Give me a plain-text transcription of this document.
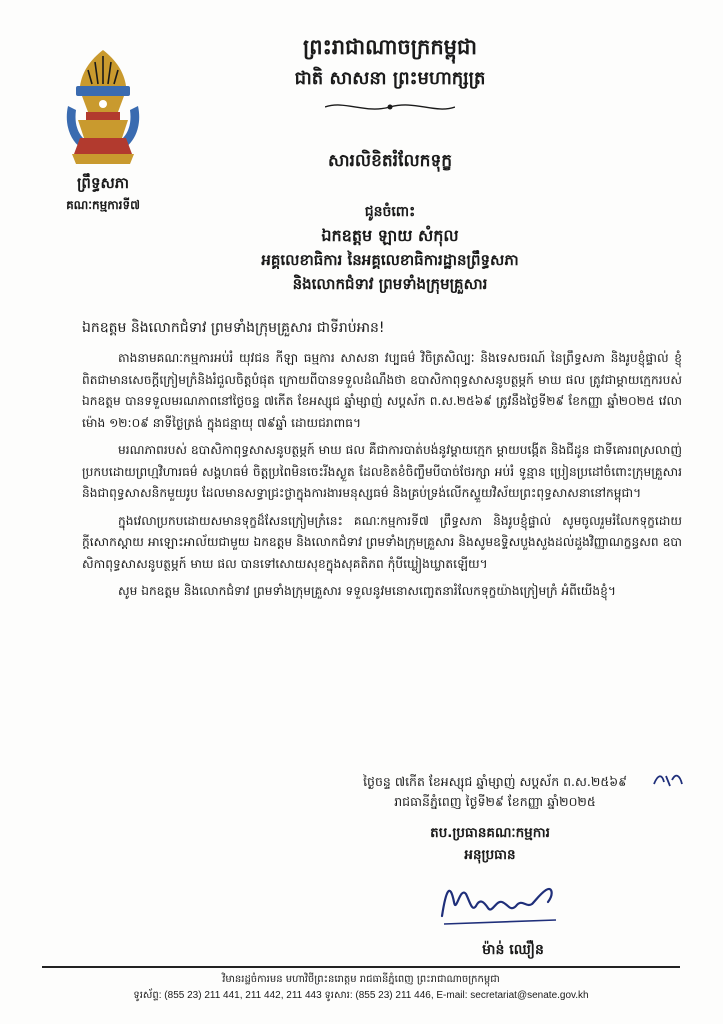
ព្រឹទ្ធសភា
គណៈកម្មការទី៧
ព្រះរាជាណាចក្រកម្ពុជា
ជាតិ សាសនា ព្រះមហាក្សត្រ
សារលិខិតរំលែកទុក្ខ
ជូនចំពោះ
ឯកឧត្តម ឡាយ សំកុល
អគ្គលេខាធិការ នៃអគ្គលេខាធិការដ្ឋានព្រឹទ្ធសភា
និងលោកជំទាវ ព្រមទាំងក្រុមគ្រួសារ
ឯកឧត្តម និងលោកជំទាវ ព្រមទាំងក្រុមគ្រួសារ ជាទីរាប់អាន!

តាងនាមគណៈកម្មការអប់រំ យុវជន កីឡា ធម្មការ សាសនា វប្បធម៌ វិចិត្រសិល្បៈ និងទេសចរណ៍ នៃព្រឹទ្ធសភា និងរូបខ្ញុំផ្ទាល់ ខ្ញុំពិតជាមានសេចក្ដីក្រៀមក្រំនិងរំជួលចិត្តបំផុត ក្រោយពីបានទទួលដំណឹងថា ឧបាសិកាពុទ្ធសាសនូបត្ថម្ភក៍ មាឃ ផល ត្រូវជាម្ដាយក្មេករបស់ ឯកឧត្តម បានទទួលមរណភាពនៅថ្ងៃចន្ទ ៧កើត ខែអស្សុជ ឆ្នាំម្សាញ់ សប្តស័ក ព.ស.២៥៦៩ ត្រូវនឹងថ្ងៃទី២៩ ខែកញ្ញា ឆ្នាំ២០២៥ វេលាម៉ោង ១២:០៩ នាទីថ្ងៃត្រង់ ក្នុងជន្មាយុ ៧៩ឆ្នាំ ដោយជរាពាធ។

មរណភាពរបស់ ឧបាសិកាពុទ្ធសាសនូបត្ថម្ភក៍ មាឃ ផល គឺជាការបាត់បង់នូវម្ដាយក្មេក ម្ដាយបង្កើត និងជីដូន ជាទីគោរពស្រលាញ់ប្រកបដោយព្រហ្មវិហារធម៌ សង្គហធម៌ ចិត្តប្រពៃមិនចេះរីងស្ងួត ដែលខិតខំចិញ្ចឹមបីបាច់ថែរក្សា អប់រំ ទូន្មាន ប្រៀនប្រដៅចំពោះក្រុមគ្រួសារ និងជាពុទ្ធសាសនិកមួយរូប ដែលមានសទ្ធាជ្រះថ្លាក្នុងការងារមនុស្សធម៌ និងគ្រប់ទ្រង់លើកស្ទួយវិស័យព្រះពុទ្ធសាសនានៅកម្ពុជា។

ក្នុងវេលាប្រកបដោយសមានទុក្ខដ៏សែនក្រៀមក្រំនេះ គណៈកម្មការទី៧ ព្រឹទ្ធសភា និងរូបខ្ញុំផ្ទាល់ សូមចូលរួមរំលែកទុក្ខដោយក្ដីសោកស្ដាយ អាឡោះអាល័យជាមួយ ឯកឧត្តម និងលោកជំទាវ ព្រមទាំងក្រុមគ្រួសារ និងសូមឧទ្ទិសបួងសួងដល់ដួងវិញ្ញាណក្ខន្ធសព ឧបាសិកាពុទ្ធសាសនូបត្ថម្ភក៍ មាឃ ផល បានទៅសោយសុខក្នុងសុគតិភព កុំបីឃ្លៀងឃ្លាតឡើយ។

សូម ឯកឧត្តម និងលោកជំទាវ ព្រមទាំងក្រុមគ្រួសារ ទទួលនូវមនោសញ្ចេតនារំលែកទុក្ខយ៉ាងក្រៀមក្រំ អំពីយើងខ្ញុំ។

ថ្ងៃចន្ទ ៧កើត ខែអស្សុជ ឆ្នាំម្សាញ់ សប្តស័ក ព.ស.២៥៦៩
រាជធានីភ្នំពេញ ថ្ងៃទី២៩ ខែកញ្ញា ឆ្នាំ២០២៥
តប.ប្រធានគណៈកម្មការ
អនុប្រធាន
ម៉ាន់ ឈឿន
វិមានរដ្ឋចំការមន មហាវិថីព្រះនរោត្តម រាជធានីភ្នំពេញ ព្រះរាជាណាចក្រកម្ពុជា
ទូរស័ព្ទ: (855 23) 211 441, 211 442, 211 443 ទូរសារ: (855 23) 211 446, E-mail: secretariat@senate.gov.kh
